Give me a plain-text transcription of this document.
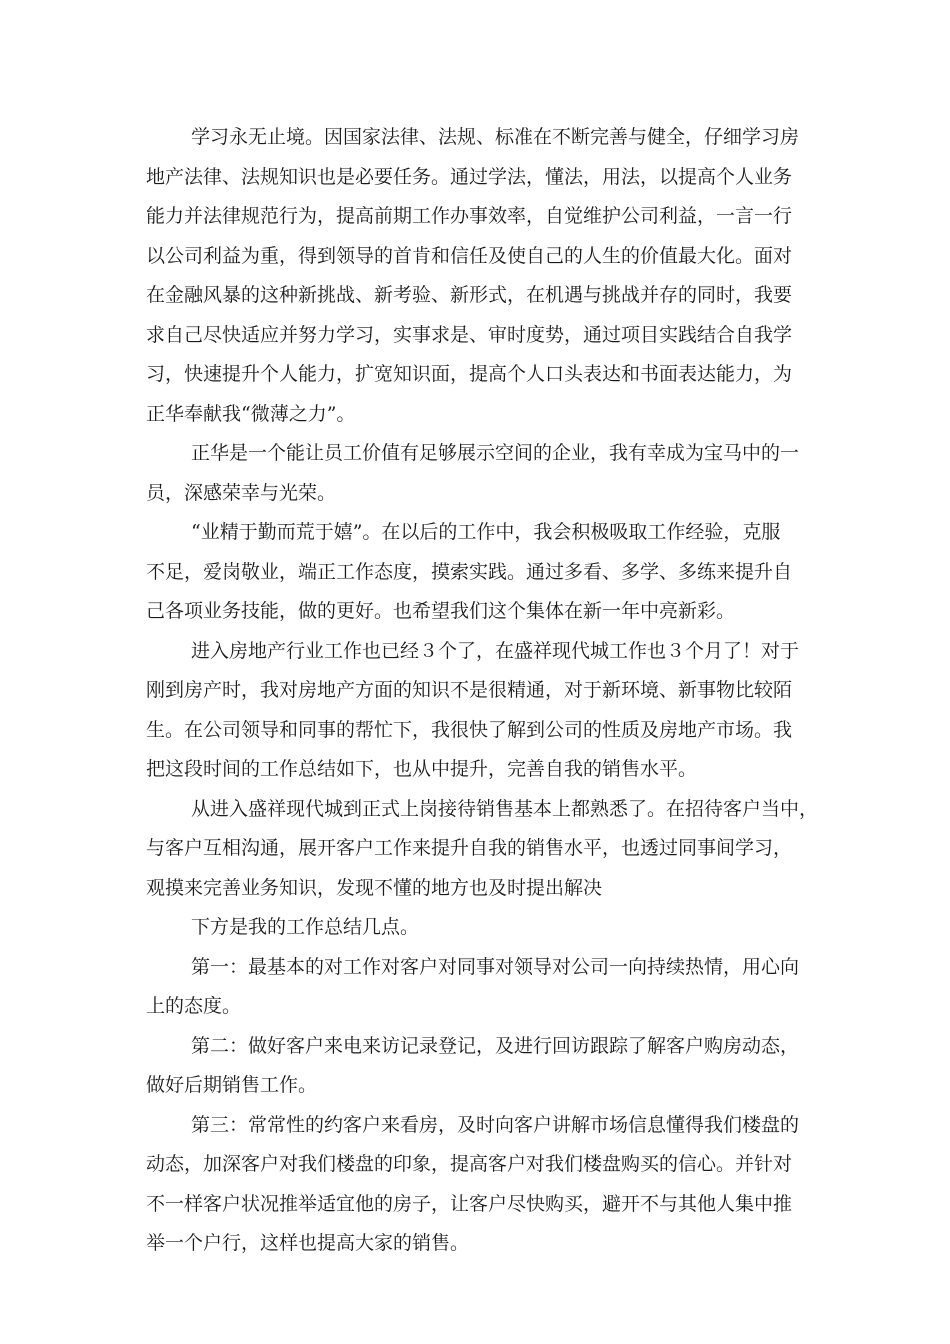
学习永无止境。因国家法律、法规、标准在不断完善与健全，仔细学习房
地产法律、法规知识也是必要任务。通过学法，懂法，用法，以提高个人业务
能力并法律规范行为，提高前期工作办事效率，自觉维护公司利益，一言一行
以公司利益为重，得到领导的首肯和信任及使自己的人生的价值最大化。面对
在金融风暴的这种新挑战、新考验、新形式，在机遇与挑战并存的同时，我要
求自己尽快适应并努力学习，实事求是、审时度势，通过项目实践结合自我学
习，快速提升个人能力，扩宽知识面，提高个人口头表达和书面表达能力，为
正华奉献我“微薄之力”。
正华是一个能让员工价值有足够展示空间的企业，我有幸成为宝马中的一
员，深感荣幸与光荣。
“业精于勤而荒于嬉”。在以后的工作中，我会积极吸取工作经验，克服
不足，爱岗敬业，端正工作态度，摸索实践。通过多看、多学、多练来提升自
己各项业务技能，做的更好。也希望我们这个集体在新一年中亮新彩。
进入房地产行业工作也已经３个了，在盛祥现代城工作也３个月了！对于
刚到房产时，我对房地产方面的知识不是很精通，对于新环境、新事物比较陌
生。在公司领导和同事的帮忙下，我很快了解到公司的性质及房地产市场。我
把这段时间的工作总结如下，也从中提升，完善自我的销售水平。
从进入盛祥现代城到正式上岗接待销售基本上都熟悉了。在招待客户当中，
与客户互相沟通，展开客户工作来提升自我的销售水平，也透过同事间学习，
观摸来完善业务知识，发现不懂的地方也及时提出解决
下方是我的工作总结几点。
第一：最基本的对工作对客户对同事对领导对公司一向持续热情，用心向
上的态度。
第二：做好客户来电来访记录登记，及进行回访跟踪了解客户购房动态，
做好后期销售工作。
第三：常常性的约客户来看房，及时向客户讲解市场信息懂得我们楼盘的
动态，加深客户对我们楼盘的印象，提高客户对我们楼盘购买的信心。并针对
不一样客户状况推举适宜他的房子，让客户尽快购买，避开不与其他人集中推
举一个户行，这样也提高大家的销售。
